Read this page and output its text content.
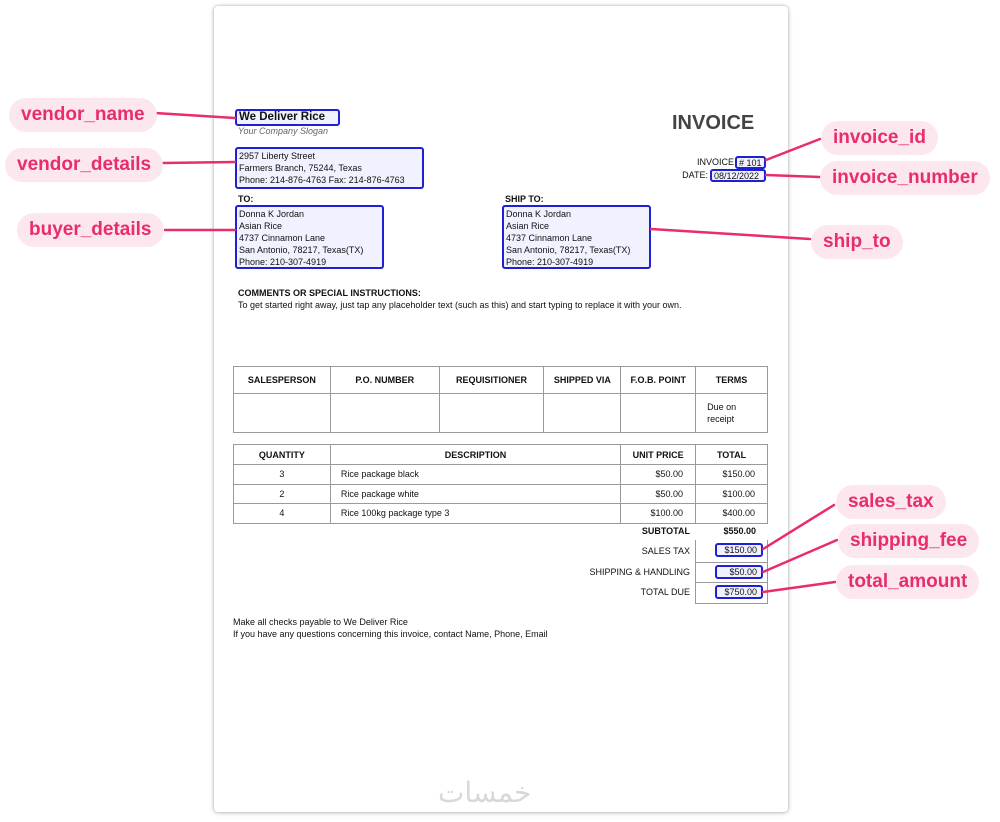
We Deliver Rice
Your Company Slogan
2957 Liberty Street
Farmers Branch, 75244, Texas
Phone: 214-876-4763 Fax: 214-876-4763
INVOICE
INVOICE # 101
DATE: 08/12/2022
TO:
Donna K Jordan
Asian Rice
4737 Cinnamon Lane
San Antonio, 78217, Texas(TX)
Phone: 210-307-4919
SHIP TO:
Donna K Jordan
Asian Rice
4737 Cinnamon Lane
San Antonio, 78217, Texas(TX)
Phone: 210-307-4919
COMMENTS OR SPECIAL INSTRUCTIONS:
To get started right away, just tap any placeholder text (such as this) and start typing to replace it with your own.
SALESPERSON	P.O. NUMBER	REQUISITIONER	SHIPPED VIA	F.O.B. POINT	TERMS

					Due on
receipt
QUANTITY	DESCRIPTION	UNIT PRICE	TOTAL
3	Rice package black	$50.00	$150.00
2	Rice package white	$50.00	$100.00
4	Rice 100kg package type 3	$100.00	$400.00
SUBTOTAL	$550.00
SALES TAX	$150.00
SHIPPING & HANDLING	$50.00
TOTAL DUE	$750.00
Make all checks payable to We Deliver Rice
If you have any questions concerning this invoice, contact Name, Phone, Email
خمسات
vendor_name
vendor_details
buyer_details
invoice_id
invoice_number
ship_to
sales_tax
shipping_fee
total_amount
